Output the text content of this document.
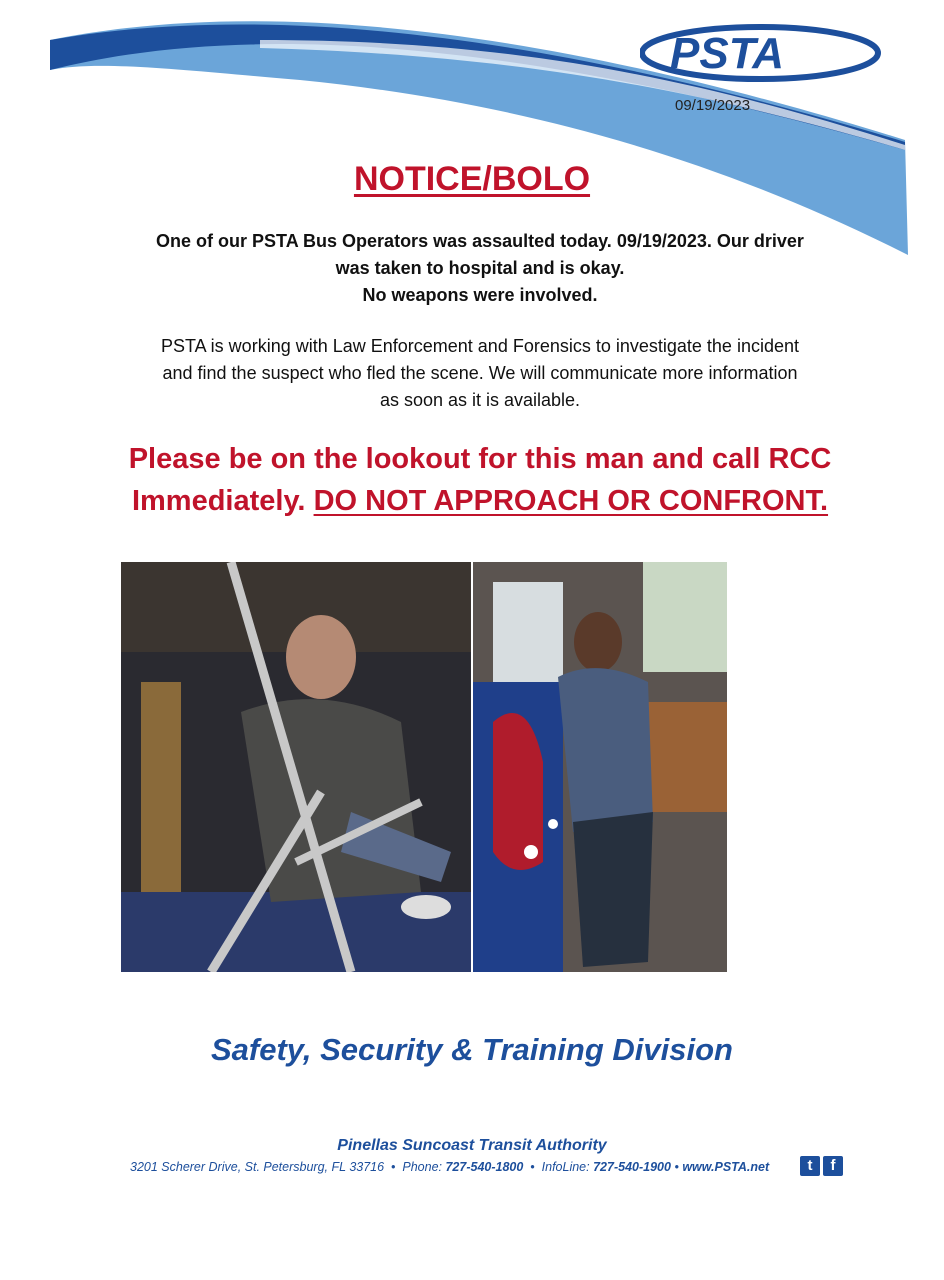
PSTA
09/19/2023
NOTICE/BOLO
One of our PSTA Bus Operators was assaulted today. 09/19/2023. Our driver
was taken to hospital and is okay.
No weapons were involved.
PSTA is working with Law Enforcement and Forensics to investigate the incident
and find the suspect who fled the scene. We will communicate more information
as soon as it is available.
Please be on the lookout for this man and call RCC
Immediately. DO NOT APPROACH OR CONFRONT.
Safety, Security & Training Division
Pinellas Suncoast Transit Authority
3201 Scherer Drive, St. Petersburg, FL 33716 • Phone: 727-540-1800 • InfoLine: 727-540-1900 • www.PSTA.net	t	f
